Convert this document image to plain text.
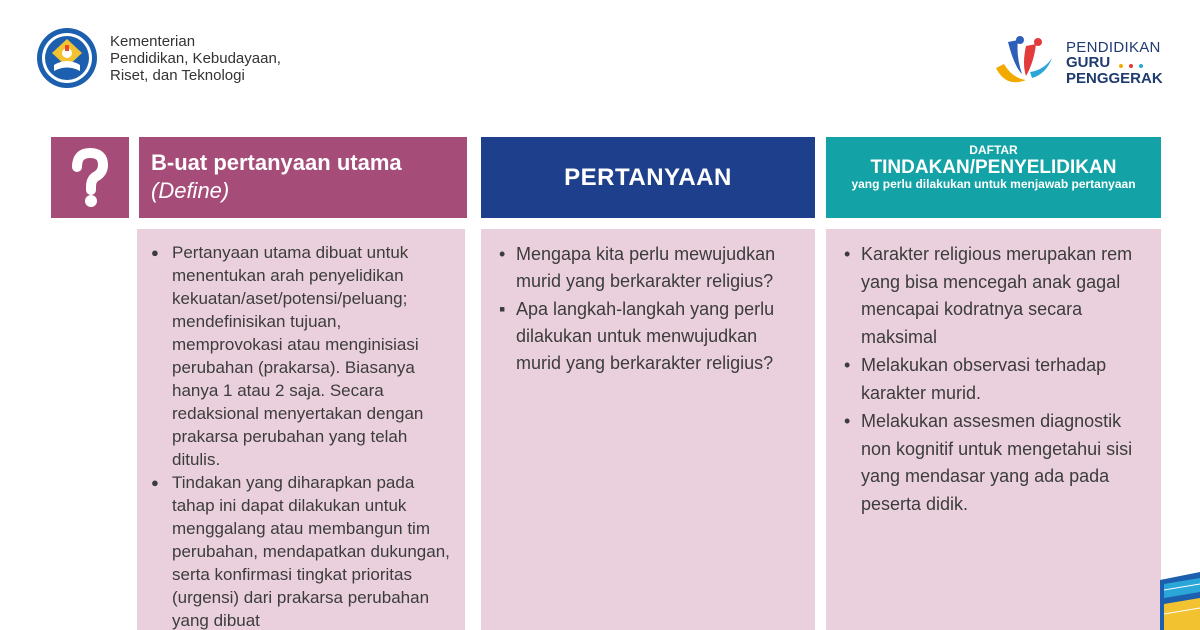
Kementerian
Pendidikan, Kebudayaan,
Riset, dan Teknologi
PENDIDIKAN
GURU
PENGGERAK
B-uat pertanyaan utama
(Define)	PERTANYAAN
DAFTAR
TINDAKAN/PENYELIDIKAN
yang perlu dilakukan untuk menjawab pertanyaan
● Pertanyaan utama dibuat untuk menentukan arah penyelidikan kekuatan/aset/potensi/peluang; mendefinisikan tujuan, memprovokasi atau menginisiasi perubahan (prakarsa). Biasanya hanya 1 atau 2 saja. Secara redaksional menyertakan dengan prakarsa perubahan yang telah ditulis.
● Tindakan yang diharapkan pada tahap ini dapat dilakukan untuk menggalang atau membangun tim perubahan, mendapatkan dukungan, serta konfirmasi tingkat prioritas (urgensi) dari prakarsa perubahan yang dibuat
• Mengapa kita perlu mewujudkan murid yang berkarakter religius?
▪ Apa langkah-langkah yang perlu dilakukan untuk menwujudkan murid yang berkarakter religius?
• Karakter religious merupakan rem yang bisa mencegah anak gagal mencapai kodratnya secara maksimal
• Melakukan observasi terhadap karakter murid.
• Melakukan assesmen diagnostik non kognitif untuk mengetahui sisi yang mendasar yang ada pada peserta didik.
